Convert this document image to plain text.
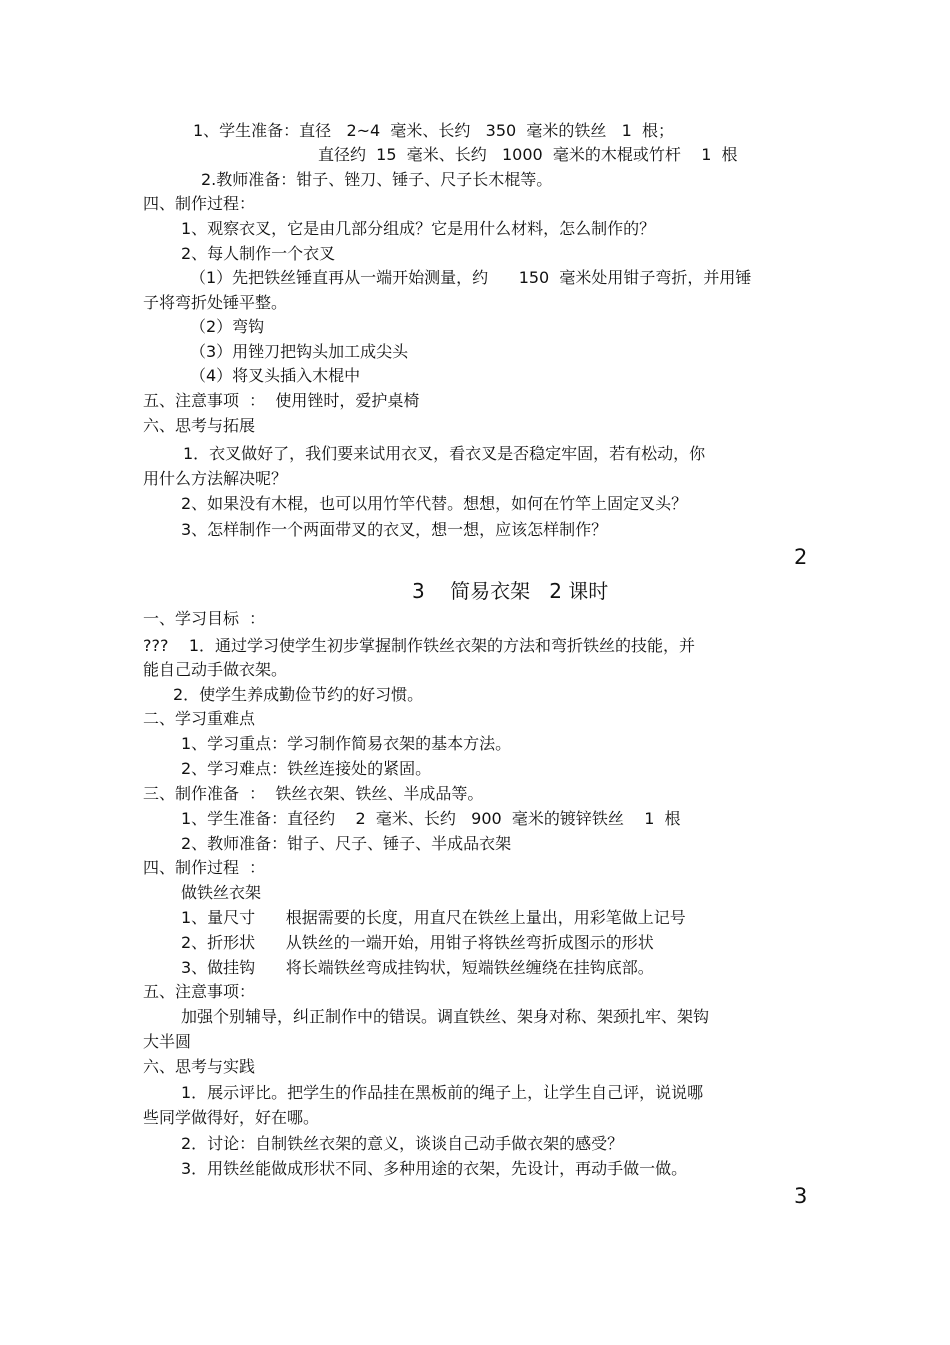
1、学生准备：直径   2~4  毫米、长约   350  毫米的铁丝   1  根；
直径约  15  毫米、长约   1000  毫米的木棍或竹杆    1  根
2.教师准备：钳子、锉刀、锤子、尺子长木棍等。
四、制作过程：
1、观察衣叉，它是由几部分组成？它是用什么材料，怎么制作的？
2、每人制作一个衣叉
（1）先把铁丝锤直再从一端开始测量，约      150  毫米处用钳子弯折，并用锤
子将弯折处锤平整。
（2）弯钩
（3）用锉刀把钩头加工成尖头
（4）将叉头插入木棍中
五、注意事项  ：  使用锉时，爱护桌椅
六、思考与拓展
1．衣叉做好了，我们要来试用衣叉，看衣叉是否稳定牢固，若有松动，你
用什么方法解决呢？
2、如果没有木棍，也可以用竹竿代替。想想，如何在竹竿上固定叉头？
3、怎样制作一个两面带叉的衣叉，想一想，应该怎样制作？
2
3    简易衣架   2 课时
一、学习目标  ：
???    1．通过学习使学生初步掌握制作铁丝衣架的方法和弯折铁丝的技能，并
能自己动手做衣架。
2．使学生养成勤俭节约的好习惯。
二、学习重难点
1、学习重点：学习制作简易衣架的基本方法。
2、学习难点：铁丝连接处的紧固。
三、制作准备  ：  铁丝衣架、铁丝、半成品等。
1、学生准备：直径约    2  毫米、长约   900  毫米的镀锌铁丝    1  根
2、教师准备：钳子、尺子、锤子、半成品衣架
四、制作过程  ：
做铁丝衣架
1、量尺寸      根据需要的长度，用直尺在铁丝上量出，用彩笔做上记号
2、折形状      从铁丝的一端开始，用钳子将铁丝弯折成图示的形状
3、做挂钩      将长端铁丝弯成挂钩状，短端铁丝缠绕在挂钩底部。
五、注意事项：
加强个别辅导，纠正制作中的错误。调直铁丝、架身对称、架颈扎牢、架钩
大半圆
六、思考与实践
1．展示评比。把学生的作品挂在黑板前的绳子上，让学生自己评，说说哪
些同学做得好，好在哪。
2．讨论：自制铁丝衣架的意义，谈谈自己动手做衣架的感受？
3．用铁丝能做成形状不同、多种用途的衣架，先设计，再动手做一做。
3
